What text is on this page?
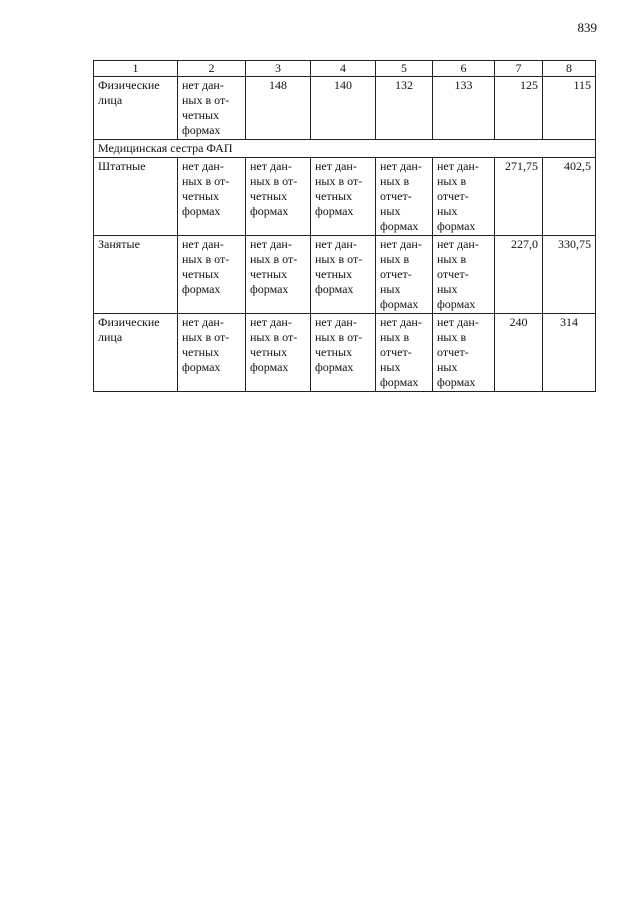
839
1	2	3	4	5	6	7	8
Физические
лица	нет дан-
ных в от-
четных
формах	148	140	132	133	125	115
Медицинская сестра ФАП							
Штатные	нет дан-
ных в от-
четных
формах	нет дан-
ных в от-
четных
формах	нет дан-
ных в от-
четных
формах	нет дан-
ных в
отчет-
ных
формах	нет дан-
ных в
отчет-
ных
формах	271,75	402,5
Занятые	нет дан-
ных в от-
четных
формах	нет дан-
ных в от-
четных
формах	нет дан-
ных в от-
четных
формах	нет дан-
ных в
отчет-
ных
формах	нет дан-
ных в
отчет-
ных
формах	227,0	330,75
Физические
лица	нет дан-
ных в от-
четных
формах	нет дан-
ных в от-
четных
формах	нет дан-
ных в от-
четных
формах	нет дан-
ных в
отчет-
ных
формах	нет дан-
ных в
отчет-
ных
формах	240	314
